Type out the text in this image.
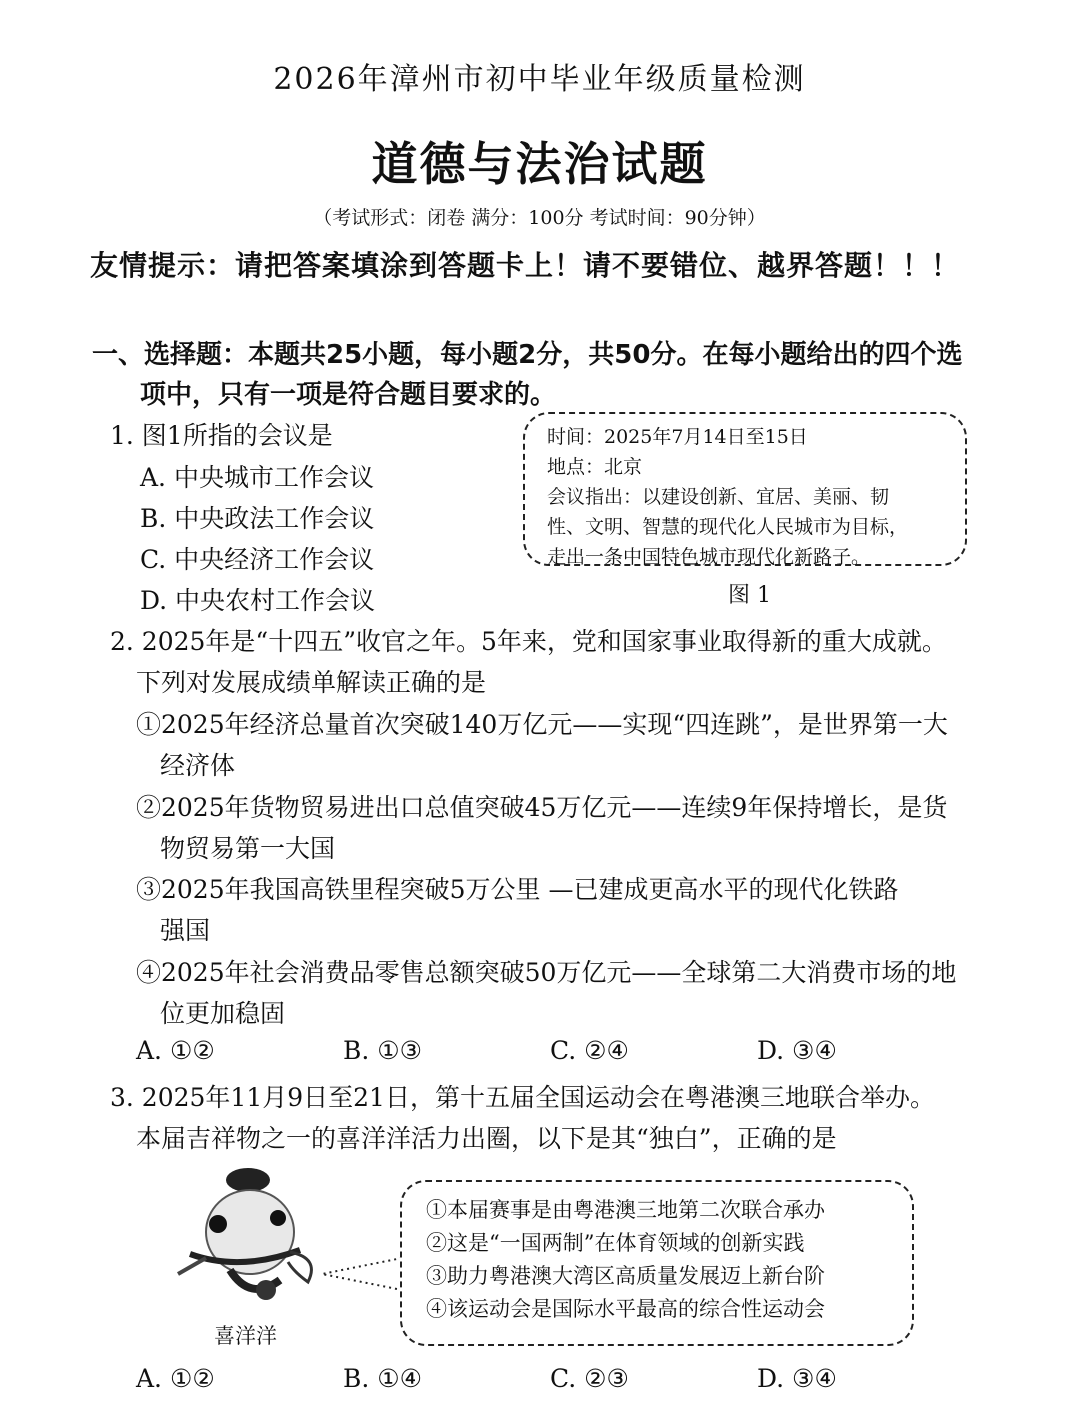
2026年漳州市初中毕业年级质量检测
道德与法治试题
（考试形式：闭卷 满分：100分 考试时间：90分钟）
友情提示：请把答案填涂到答题卡上！请不要错位、越界答题！！！
一、选择题：本题共25小题，每小题2分，共50分。在每小题给出的四个选
项中，只有一项是符合题目要求的。
1. 图1所指的会议是
A. 中央城市工作会议
B. 中央政法工作会议
C. 中央经济工作会议
D. 中央农村工作会议
时间：2025年7月14日至15日
地点：北京
会议指出：以建设创新、宜居、美丽、韧
性、文明、智慧的现代化人民城市为目标，
走出一条中国特色城市现代化新路子。
图 1
2. 2025年是“十四五”收官之年。5年来，党和国家事业取得新的重大成就。
下列对发展成绩单解读正确的是
①2025年经济总量首次突破140万亿元——实现“四连跳”，是世界第一大
经济体
②2025年货物贸易进出口总值突破45万亿元——连续9年保持增长，是货
物贸易第一大国
③2025年我国高铁里程突破5万公里 —已建成更高水平的现代化铁路
强国
④2025年社会消费品零售总额突破50万亿元——全球第二大消费市场的地
位更加稳固
A. ①②	B. ①③	C. ②④	D. ③④
3. 2025年11月9日至21日，第十五届全国运动会在粤港澳三地联合举办。
本届吉祥物之一的喜洋洋活力出圈，以下是其“独白”，正确的是
喜洋洋
①本届赛事是由粤港澳三地第二次联合承办
②这是“一国两制”在体育领域的创新实践
③助力粤港澳大湾区高质量发展迈上新台阶
④该运动会是国际水平最高的综合性运动会
A. ①②	B. ①④	C. ②③	D. ③④
